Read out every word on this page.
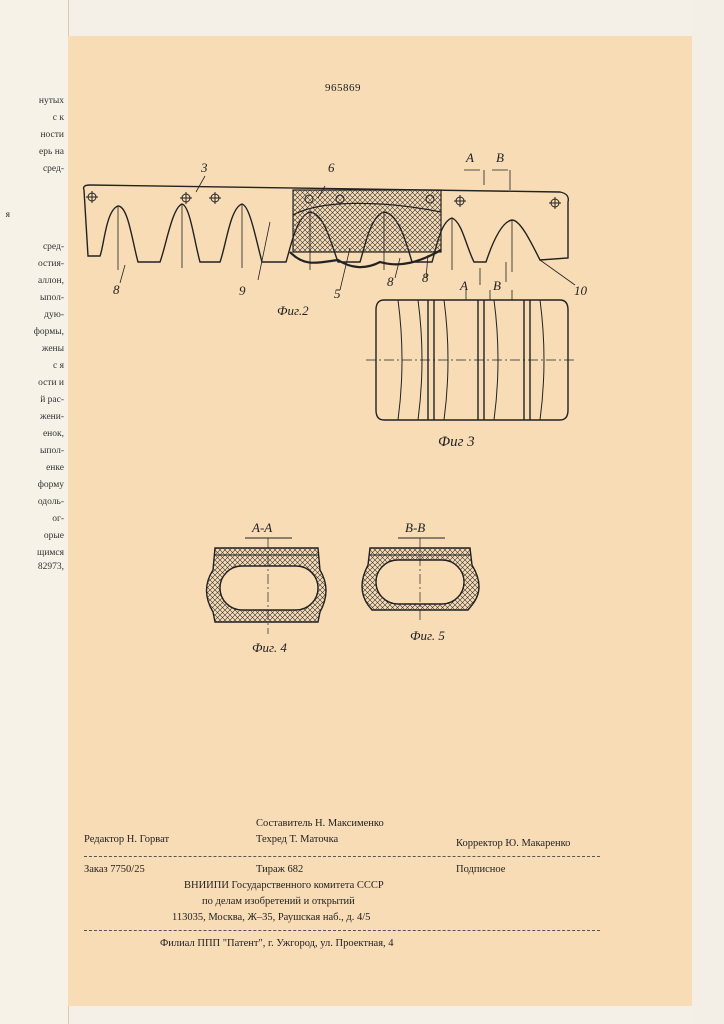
нутых
с к
ности
ерь на
сред-
я
сред-
остия-
аллон,
ыпол-
дую-
формы,
жены
с я
ости и
й рас-
жени-
енок,
ыпол-
енке
форму
одоль-
ог-
орые
щимся
82973,
965869
3	6
8	9	5
8 8
10
А В
Фиг.2
А В
Фиг 3
А-А
Фиг. 4
В-В
Фиг. 5
Составитель Н. Максименко
Редактор Н. Горват	Техред Т. Маточка	Корректор Ю. Макаренко
Заказ 7750/25	Тираж 682	Подписное
ВНИИПИ Государственного комитета СССР
по делам изобретений и открытий
113035, Москва, Ж–35, Раушская наб., д. 4/5
Филиал ППП "Патент", г. Ужгород, ул. Проектная, 4
